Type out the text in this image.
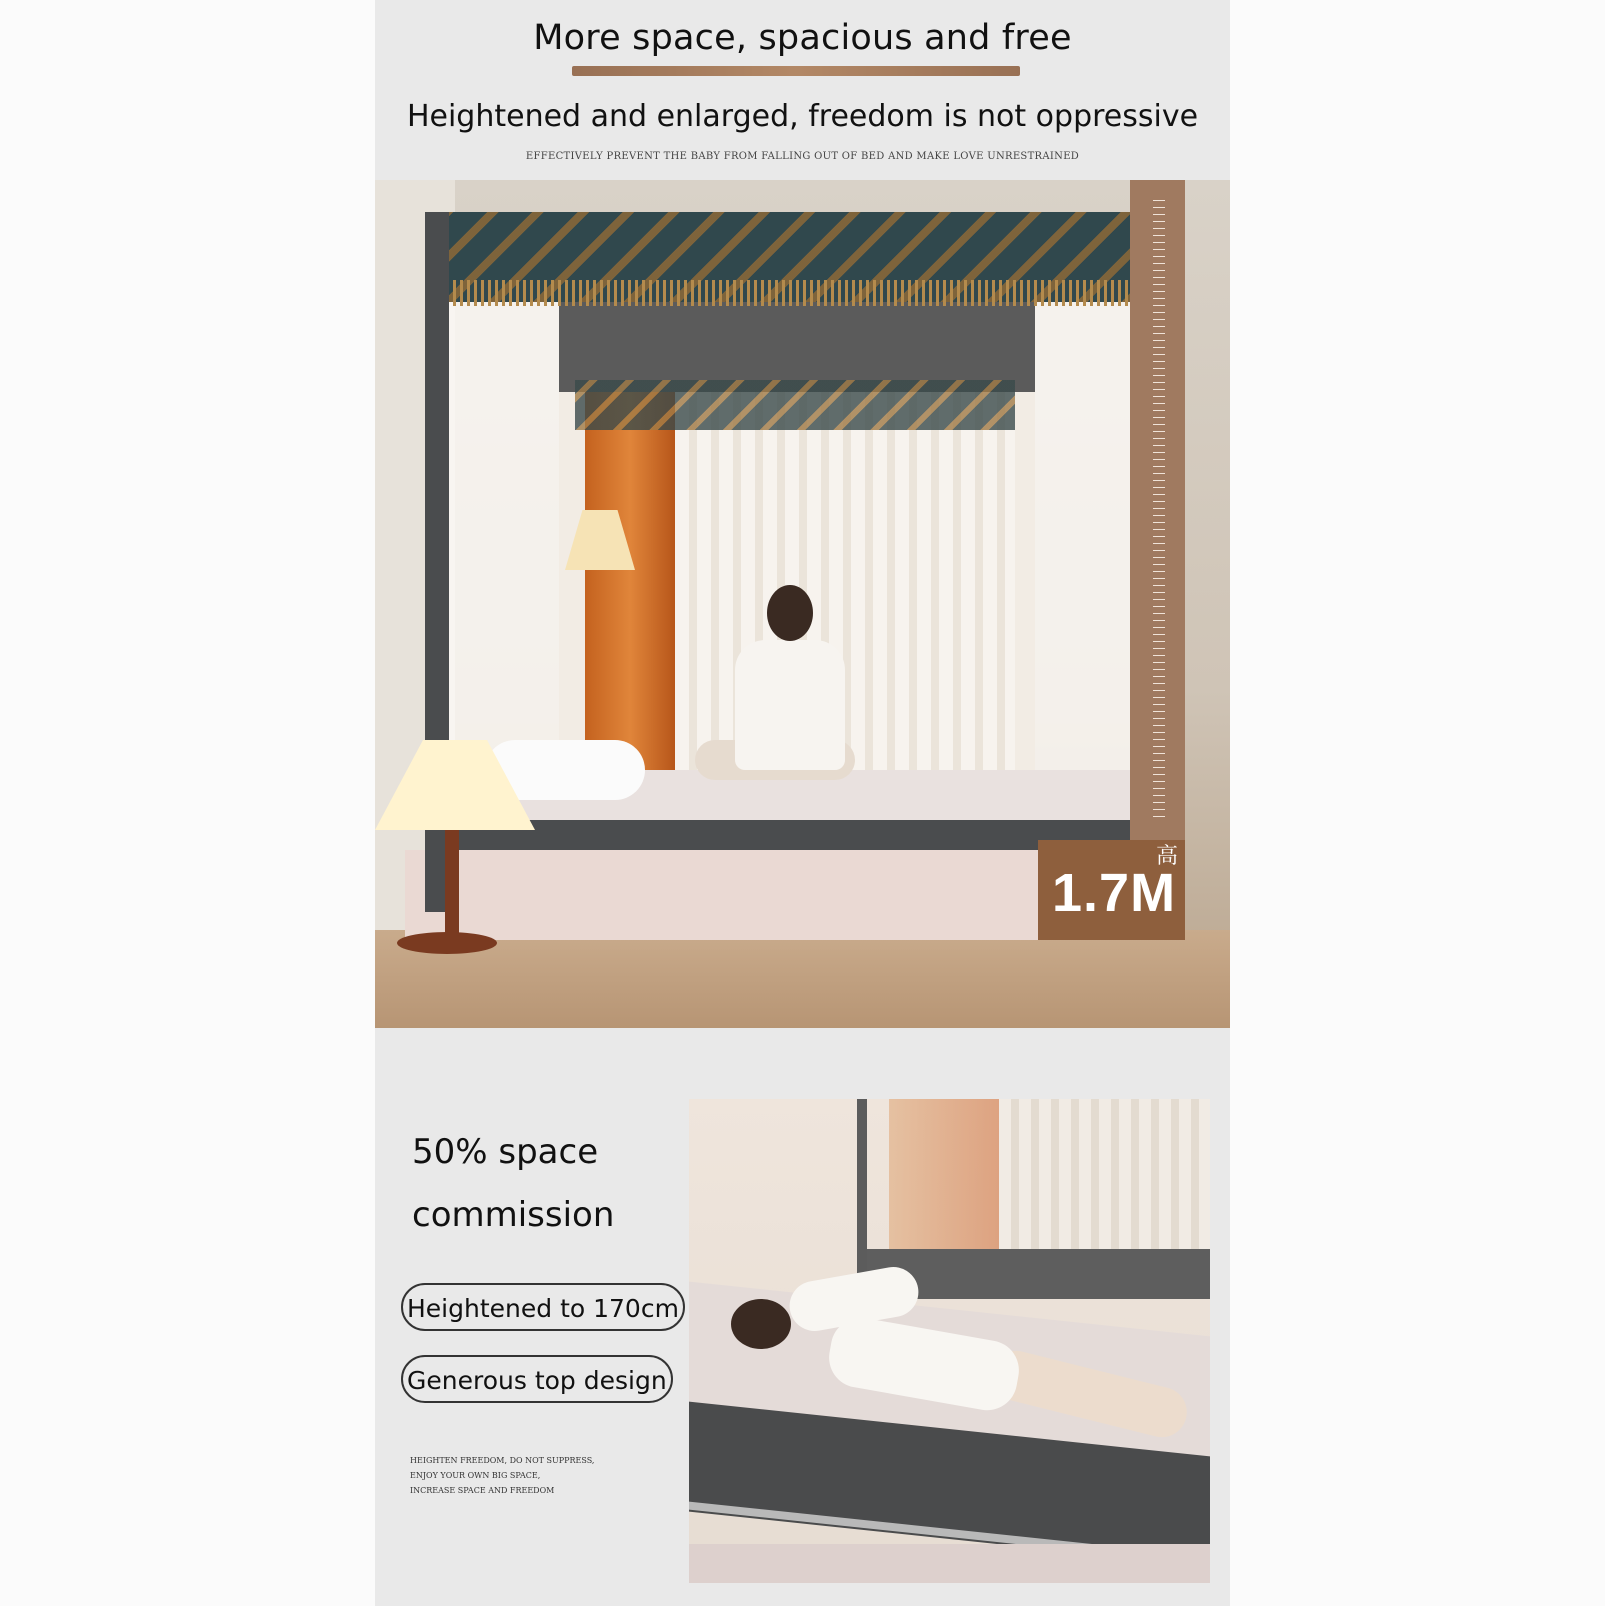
More space, spacious and free
Heightened and enlarged, freedom is not oppressive
EFFECTIVELY PREVENT THE BABY FROM FALLING OUT OF BED AND MAKE LOVE UNRESTRAINED
高
1.7M
50% space
commission
Heightened to 170cm
Generous top design
HEIGHTEN FREEDOM, DO NOT SUPPRESS,
ENJOY YOUR OWN BIG SPACE,
INCREASE SPACE AND FREEDOM
